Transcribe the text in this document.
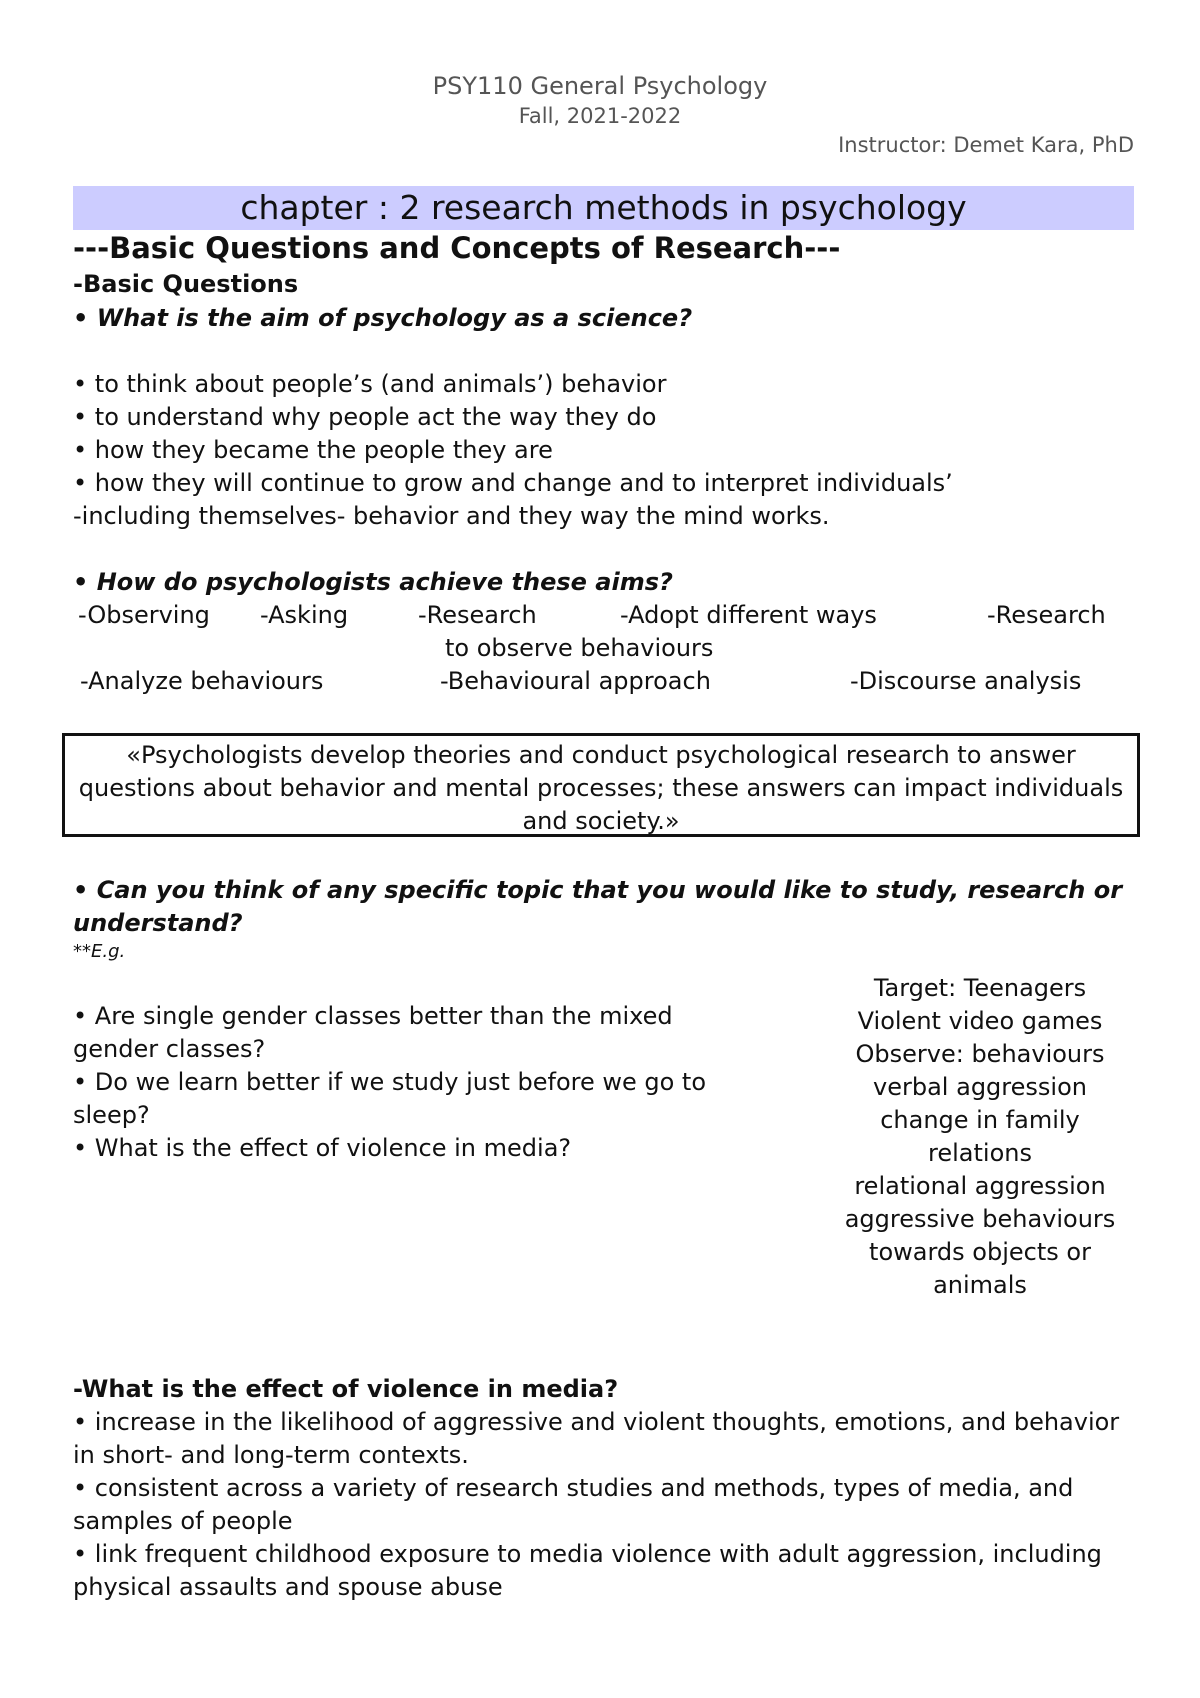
PSY110 General Psychology
Fall, 2021-2022
Instructor: Demet Kara, PhD
chapter : 2 research methods in psychology
---Basic Questions and Concepts of Research---
-Basic Questions
• What is the aim of psychology as a science?
• to think about people’s (and animals’) behavior
• to understand why people act the way they do
• how they became the people they are
• how they will continue to grow and change and to interpret individuals’
-including themselves- behavior and they way the mind works.
• How do psychologists achieve these aims?
-Observing -Asking	-Research	-Adopt different ways	-Research
to observe behaviours
-Analyze behaviours	-Behavioural approach	-Discourse analysis
«Psychologists develop theories and conduct psychological research to answer questions about behavior and mental processes; these answers can impact individuals and society.»
• Can you think of any specific topic that you would like to study, research or understand?
**E.g.
• Are single gender classes better than the mixed gender classes?
• Do we learn better if we study just before we go to sleep?
• What is the effect of violence in media?
Target: Teenagers
Violent video games
Observe: behaviours
verbal aggression
change in family relations
relational aggression
aggressive behaviours
towards objects or animals
-What is the effect of violence in media?
• increase in the likelihood of aggressive and violent thoughts, emotions, and behavior in short- and long-term contexts.
• consistent across a variety of research studies and methods, types of media, and samples of people
• link frequent childhood exposure to media violence with adult aggression, including physical assaults and spouse abuse
